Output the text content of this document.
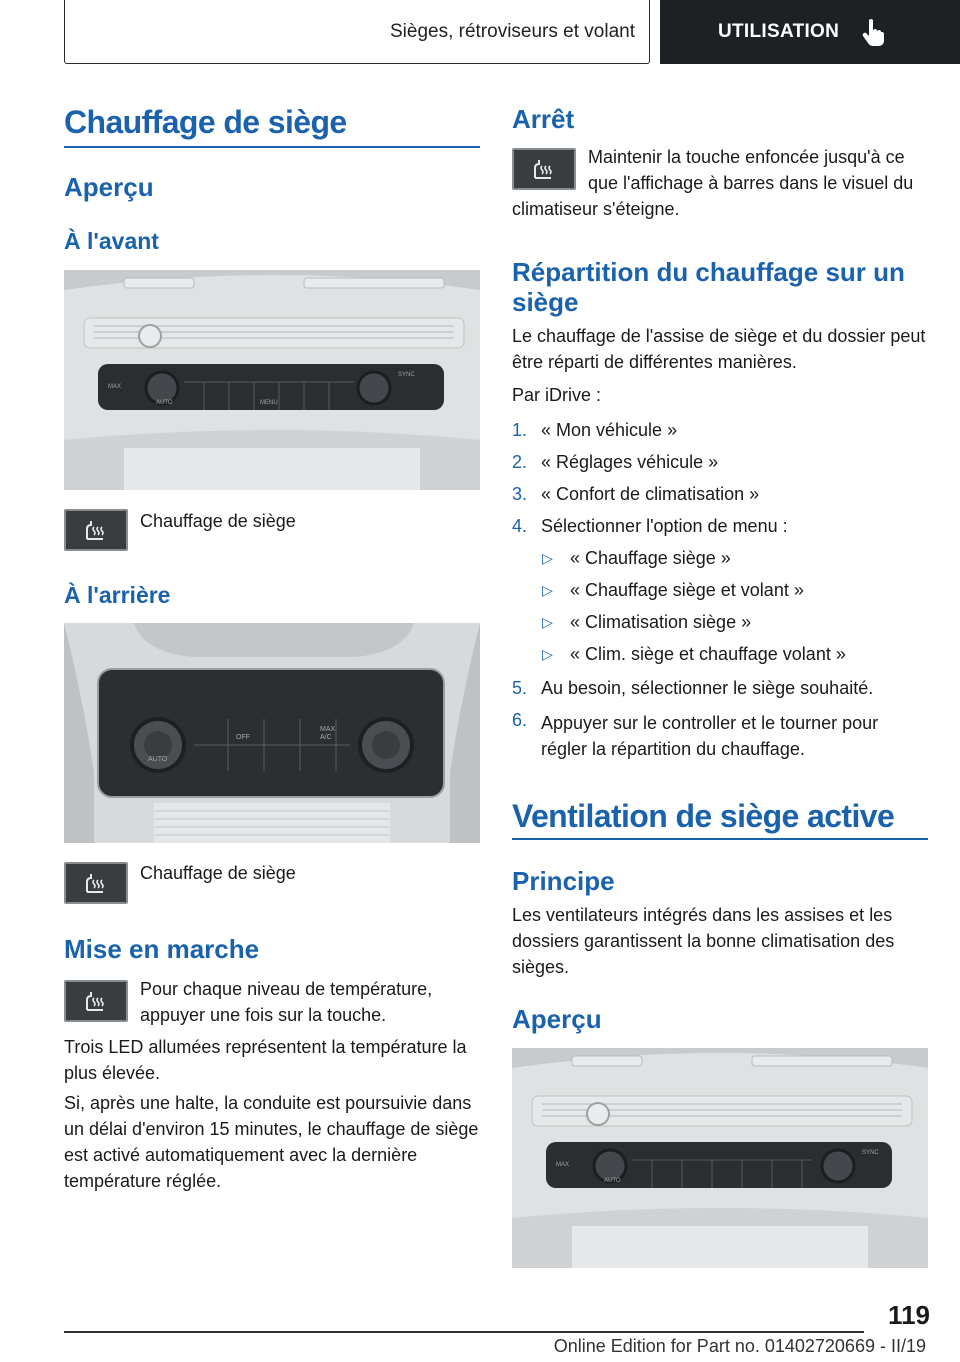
Sièges, rétroviseurs et volant	UTILISATION
Chauffage de siège
Aperçu
À l'avant
MAX
AUTO	MENU
SYNC
Chauffage de siège
À l'arrière
AUTO
OFF
MAX
A/C
Chauffage de siège
Mise en marche
Pour chaque niveau de température, appuyer une fois sur la touche.
Trois LED allumées représentent la température la plus élevée.
Si, après une halte, la conduite est poursuivie dans un délai d'environ 15 minutes, le chauffage de siège est activé automatiquement avec la dernière température réglée.
Arrêt
Maintenir la touche enfoncée jusqu'à ce
que l'affichage à barres dans le visuel du
climatiseur s'éteigne.
Répartition du chauffage sur un
siège
Le chauffage de l'assise de siège et du dossier peut être réparti de différentes manières.
Par iDrive :
1. « Mon véhicule »
2. « Réglages véhicule »
3. « Confort de climatisation »
4. Sélectionner l'option de menu :
▷ « Chauffage siège »
▷ « Chauffage siège et volant »
▷ « Climatisation siège »
▷ « Clim. siège et chauffage volant »
5. Au besoin, sélectionner le siège souhaité.
6. Appuyer sur le controller et le tourner pour régler la répartition du chauffage.
Ventilation de siège active
Principe
Les ventilateurs intégrés dans les assises et les dossiers garantissent la bonne climatisation des sièges.
Aperçu
MAX
AUTO
SYNC
119
Online Edition for Part no. 01402720669 - II/19
